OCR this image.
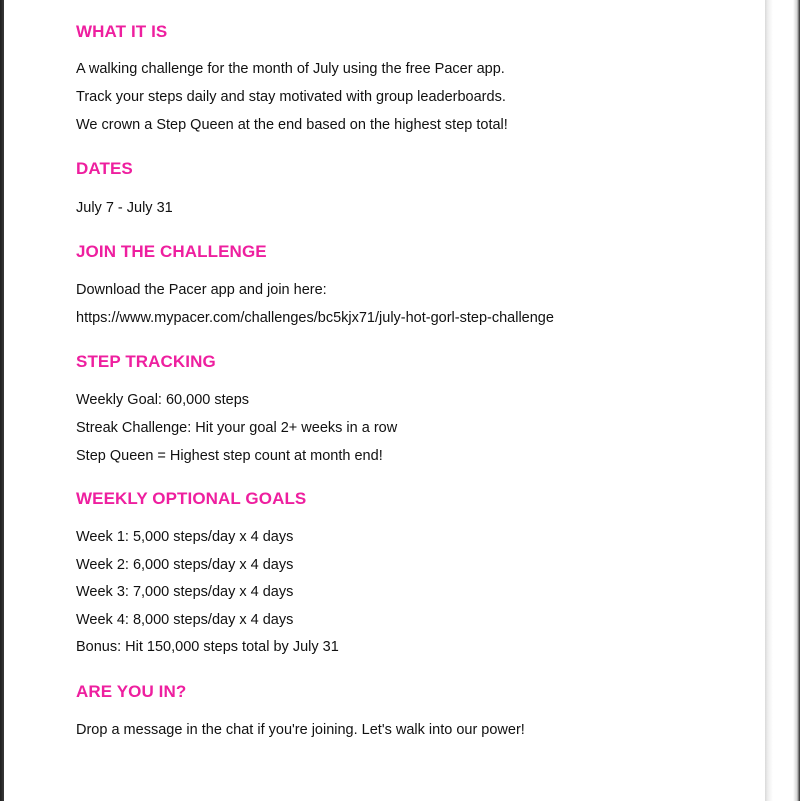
WHAT IT IS

A walking challenge for the month of July using the free Pacer app.

Track your steps daily and stay motivated with group leaderboards.

We crown a Step Queen at the end based on the highest step total!

DATES

July 7 - July 31

JOIN THE CHALLENGE

Download the Pacer app and join here:

https://www.mypacer.com/challenges/bc5kjx71/july-hot-gorl-step-challenge

STEP TRACKING

Weekly Goal: 60,000 steps

Streak Challenge: Hit your goal 2+ weeks in a row

Step Queen = Highest step count at month end!

WEEKLY OPTIONAL GOALS

Week 1: 5,000 steps/day x 4 days

Week 2: 6,000 steps/day x 4 days

Week 3: 7,000 steps/day x 4 days

Week 4: 8,000 steps/day x 4 days

Bonus: Hit 150,000 steps total by July 31

ARE YOU IN?

Drop a message in the chat if you're joining. Let's walk into our power!
